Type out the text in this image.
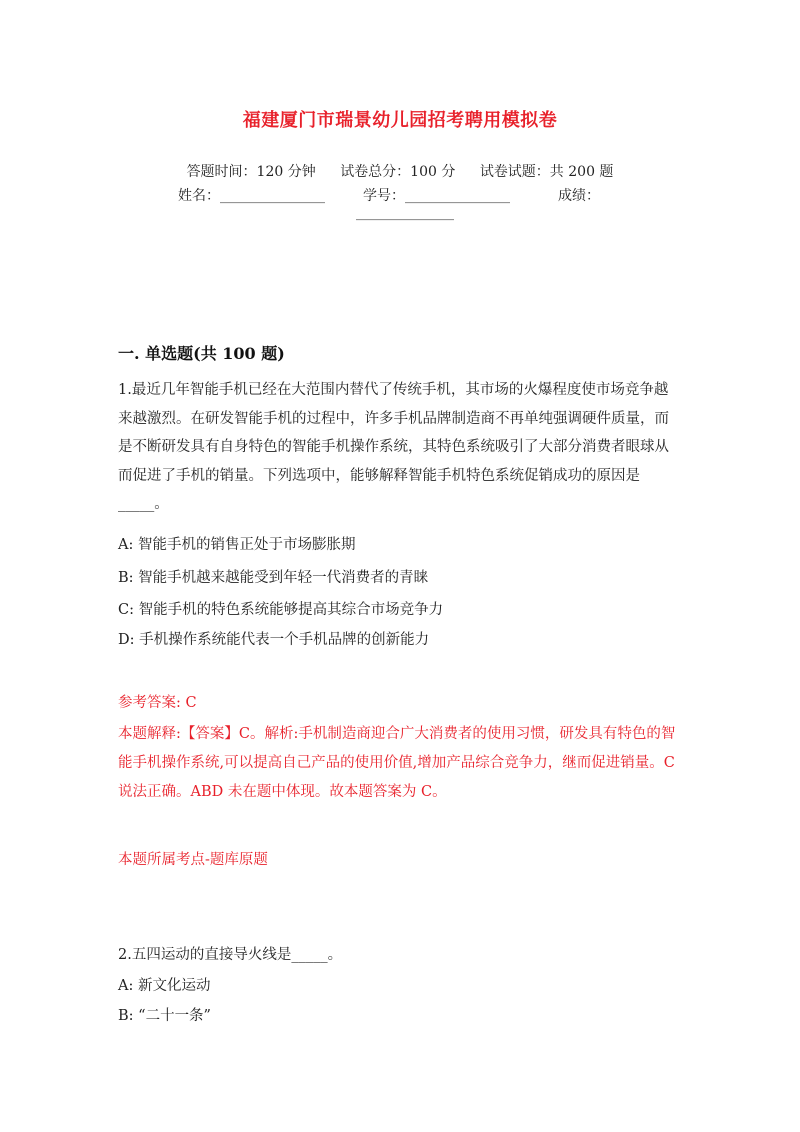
福建厦门市瑞景幼儿园招考聘用模拟卷
答题时间：120 分钟 试卷总分：100 分 试卷试题：共 200 题
姓名：_______________	学号：_______________	成绩：
______________
一. 单选题(共 100 题)
1.最近几年智能手机已经在大范围内替代了传统手机，其市场的火爆程度使市场竞争越来越激烈。在研发智能手机的过程中，许多手机品牌制造商不再单纯强调硬件质量，而是不断研发具有自身特色的智能手机操作系统，其特色系统吸引了大部分消费者眼球从而促进了手机的销量。下列选项中，能够解释智能手机特色系统促销成功的原因是_____。
A: 智能手机的销售正处于市场膨胀期
B: 智能手机越来越能受到年轻一代消费者的青睐
C: 智能手机的特色系统能够提高其综合市场竞争力
D: 手机操作系统能代表一个手机品牌的创新能力
参考答案: C
本题解释:【答案】C。解析:手机制造商迎合广大消费者的使用习惯，研发具有特色的智能手机操作系统,可以提高自己产品的使用价值,增加产品综合竞争力，继而促进销量。C 说法正确。ABD 未在题中体现。故本题答案为 C。
本题所属考点-题库原题
2.五四运动的直接导火线是_____。
A: 新文化运动
B: “二十一条”
